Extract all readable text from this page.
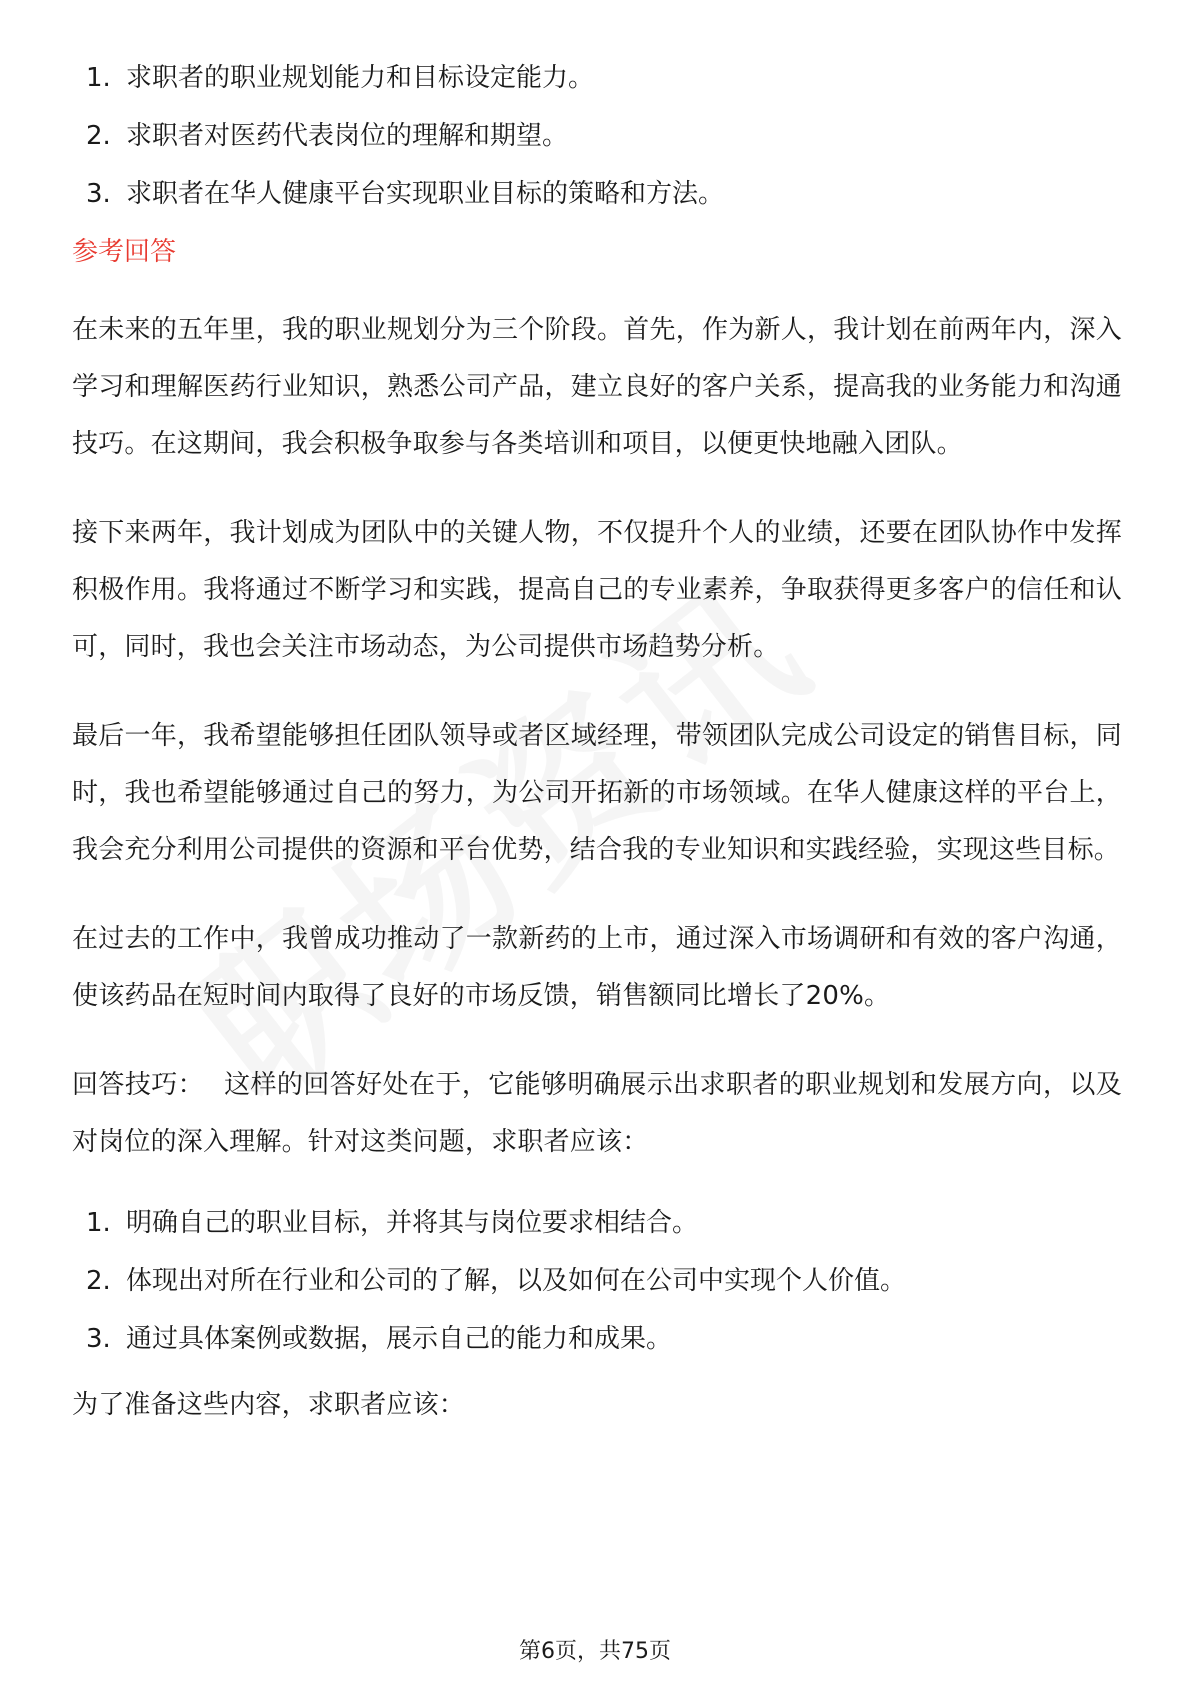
1. 求职者的职业规划能力和目标设定能力。
2. 求职者对医药代表岗位的理解和期望。
3. 求职者在华人健康平台实现职业目标的策略和方法。
参考回答

在未来的五年里，我的职业规划分为三个阶段。首先，作为新人，我计划在前两年内，深入学习和理解医药行业知识，熟悉公司产品，建立良好的客户关系，提高我的业务能力和沟通技巧。在这期间，我会积极争取参与各类培训和项目，以便更快地融入团队。

接下来两年，我计划成为团队中的关键人物，不仅提升个人的业绩，还要在团队协作中发挥积极作用。我将通过不断学习和实践，提高自己的专业素养，争取获得更多客户的信任和认可，同时，我也会关注市场动态，为公司提供市场趋势分析。

最后一年，我希望能够担任团队领导或者区域经理，带领团队完成公司设定的销售目标，同时，我也希望能够通过自己的努力，为公司开拓新的市场领域。在华人健康这样的平台上，我会充分利用公司提供的资源和平台优势，结合我的专业知识和实践经验，实现这些目标。

在过去的工作中，我曾成功推动了一款新药的上市，通过深入市场调研和有效的客户沟通，使该药品在短时间内取得了良好的市场反馈，销售额同比增长了20%。

回答技巧： 这样的回答好处在于，它能够明确展示出求职者的职业规划和发展方向，以及对岗位的深入理解。针对这类问题，求职者应该：

1. 明确自己的职业目标，并将其与岗位要求相结合。
2. 体现出对所在行业和公司的了解，以及如何在公司中实现个人价值。
3. 通过具体案例或数据，展示自己的能力和成果。

为了准备这些内容，求职者应该：

第6页，共75页
